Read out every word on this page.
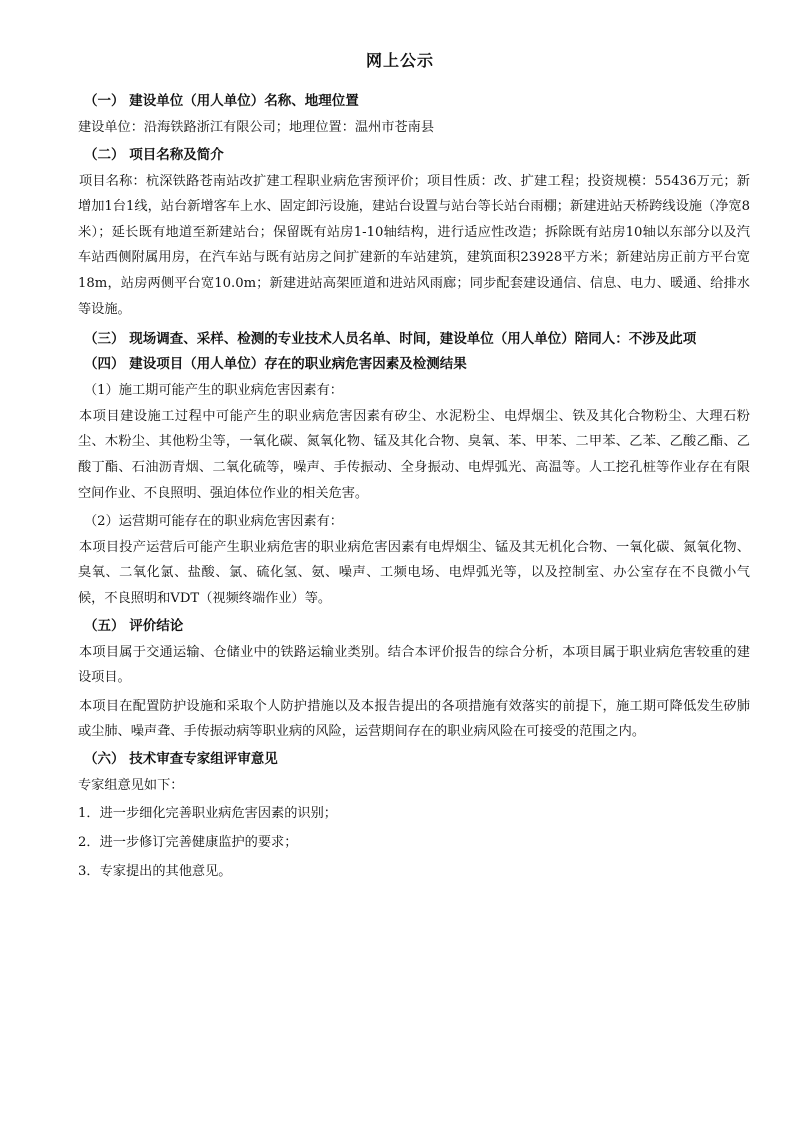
网上公示
（一） 建设单位（用人单位）名称、地理位置

建设单位：沿海铁路浙江有限公司；地理位置：温州市苍南县

（二） 项目名称及简介

项目名称：杭深铁路苍南站改扩建工程职业病危害预评价；项目性质：改、扩建工程；投资规模：55436万元；新增加1台1线，站台新增客车上水、固定卸污设施，建站台设置与站台等长站台雨棚；新建进站天桥跨线设施（净宽8米）；延长既有地道至新建站台；保留既有站房1-10轴结构，进行适应性改造；拆除既有站房10轴以东部分以及汽车站西侧附属用房，在汽车站与既有站房之间扩建新的车站建筑，建筑面积23928平方米；新建站房正前方平台宽18m，站房两侧平台宽10.0m；新建进站高架匝道和进站风雨廊；同步配套建设通信、信息、电力、暖通、给排水等设施。

（三） 现场调查、采样、检测的专业技术人员名单、时间，建设单位（用人单位）陪同人：不涉及此项
（四） 建设项目（用人单位）存在的职业病危害因素及检测结果

（1）施工期可能产生的职业病危害因素有：

本项目建设施工过程中可能产生的职业病危害因素有矽尘、水泥粉尘、电焊烟尘、铁及其化合物粉尘、大理石粉尘、木粉尘、其他粉尘等，一氧化碳、氮氧化物、锰及其化合物、臭氧、苯、甲苯、二甲苯、乙苯、乙酸乙酯、乙酸丁酯、石油沥青烟、二氧化硫等，噪声、手传振动、全身振动、电焊弧光、高温等。人工挖孔桩等作业存在有限空间作业、不良照明、强迫体位作业的相关危害。

（2）运营期可能存在的职业病危害因素有：

本项目投产运营后可能产生职业病危害的职业病危害因素有电焊烟尘、锰及其无机化合物、一氧化碳、氮氧化物、臭氧、二氧化氯、盐酸、氯、硫化氢、氨、噪声、工频电场、电焊弧光等，以及控制室、办公室存在不良微小气候，不良照明和VDT（视频终端作业）等。

（五） 评价结论

本项目属于交通运输、仓储业中的铁路运输业类别。结合本评价报告的综合分析，本项目属于职业病危害较重的建设项目。

本项目在配置防护设施和采取个人防护措施以及本报告提出的各项措施有效落实的前提下，施工期可降低发生矽肺或尘肺、噪声聋、手传振动病等职业病的风险，运营期间存在的职业病风险在可接受的范围之内。

（六） 技术审查专家组评审意见

专家组意见如下：

1．进一步细化完善职业病危害因素的识别；

2．进一步修订完善健康监护的要求；

3．专家提出的其他意见。
